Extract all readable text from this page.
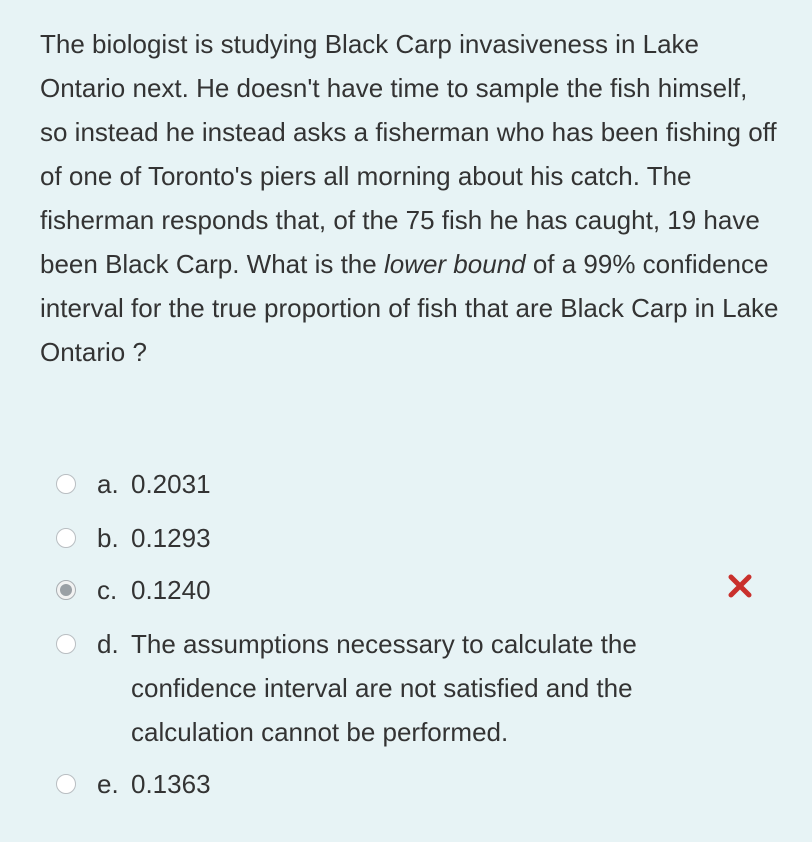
The biologist is studying Black Carp invasiveness in Lake Ontario next. He doesn't have time to sample the fish himself, so instead he instead asks a fisherman who has been fishing off of one of Toronto's piers all morning about his catch. The fisherman responds that, of the 75 fish he has caught, 19 have been Black Carp. What is the lower bound of a 99% confidence interval for the true proportion of fish that are Black Carp in Lake Ontario ?
a. 0.2031
b. 0.1293
c. 0.1240
d. The assumptions necessary to calculate the confidence interval are not satisfied and the calculation cannot be performed.
e. 0.1363
